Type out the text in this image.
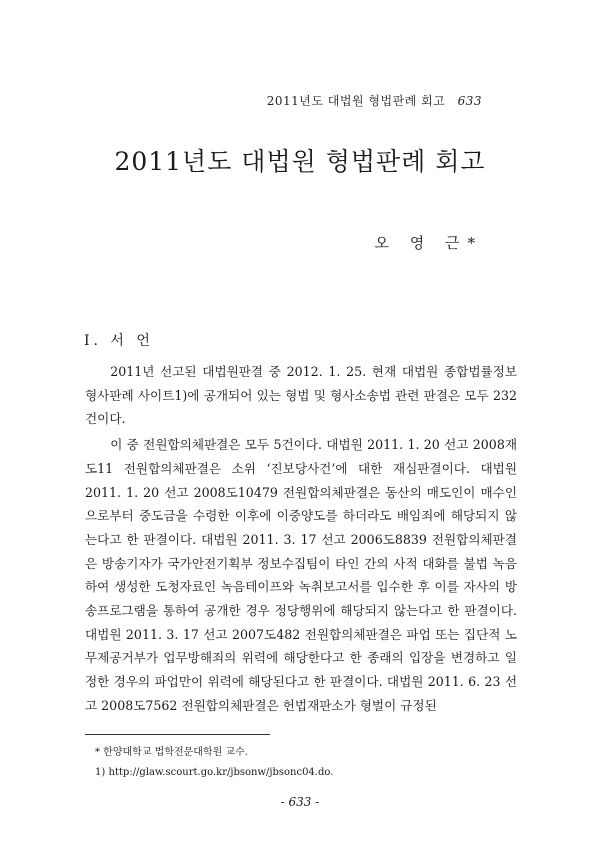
2011년도 대법원 형법판례 회고 633
2011년도 대법원 형법판례 회고
오 영 근*
Ⅰ. 서 언

2011년 선고된 대법원판결 중 2012. 1. 25. 현재 대법원 종합법률정보 형사판례 사이트1)에 공개되어 있는 형법 및 형사소송법 관련 판결은 모두 232건이다.

이 중 전원합의체판결은 모두 5건이다. 대법원 2011. 1. 20 선고 2008재도11 전원합의체판결은 소위 ‘진보당사건’에 대한 재심판결이다. 대법원 2011. 1. 20 선고 2008도10479 전원합의체판결은 동산의 매도인이 매수인으로부터 중도금을 수령한 이후에 이중양도를 하더라도 배임죄에 해당되지 않는다고 한 판결이다. 대법원 2011. 3. 17 선고 2006도8839 전원합의체판결은 방송기자가 국가안전기획부 정보수집팀이 타인 간의 사적 대화를 불법 녹음하여 생성한 도청자료인 녹음테이프와 녹취보고서를 입수한 후 이를 자사의 방송프로그램을 통하여 공개한 경우 정당행위에 해당되지 않는다고 한 판결이다. 대법원 2011. 3. 17 선고 2007도482 전원합의체판결은 파업 또는 집단적 노무제공거부가 업무방해죄의 위력에 해당한다고 한 종래의 입장을 변경하고 일정한 경우의 파업만이 위력에 해당된다고 한 판결이다. 대법원 2011. 6. 23 선고 2008도7562 전원합의체판결은 헌법재판소가 형벌이 규정된

* 한양대학교 법학전문대학원 교수.
1) http://glaw.scourt.go.kr/jbsonw/jbsonc04.do.
- 633 -
